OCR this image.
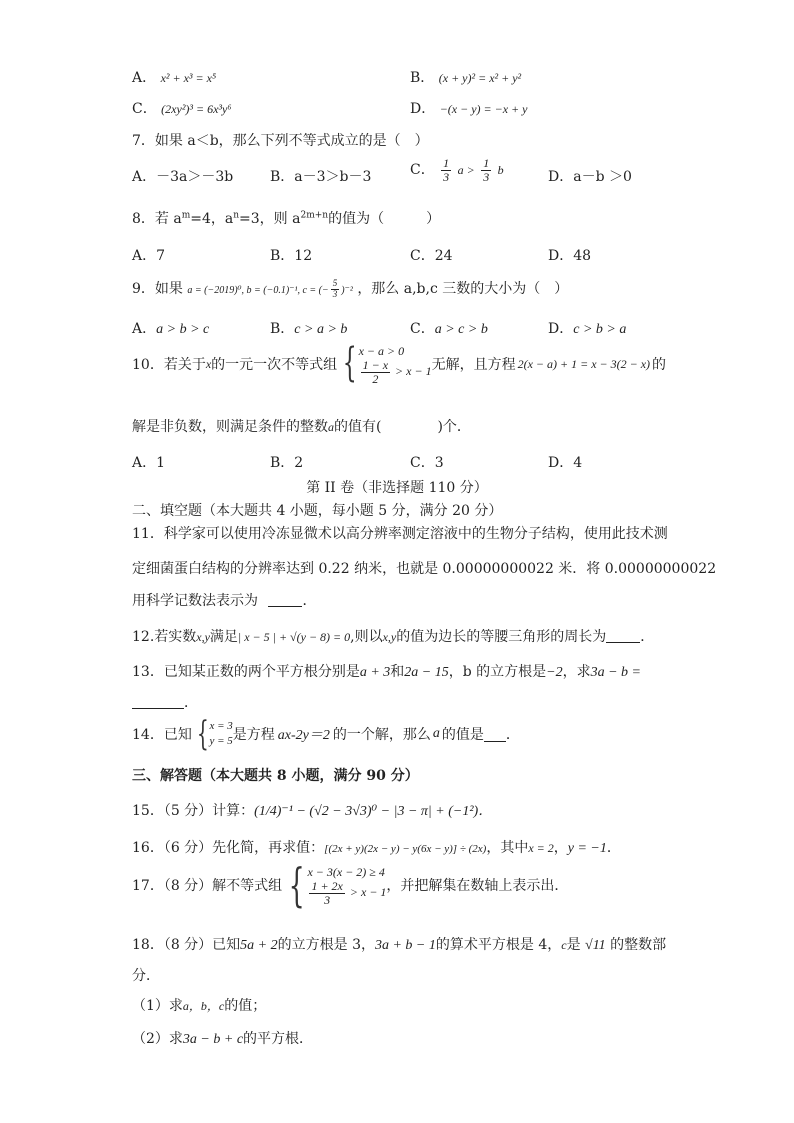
A． x² + x³ = x⁵	B． (x + y)² = x² + y²
C． (2xy²)³ = 6x³y⁶	D． −(x − y) = −x + y
7．如果 a＜b，那么下列不等式成立的是（　）
A．－3a＞－3b	B．a－3＞b－3	C． $\frac{1}{3}$ $a > \frac{1}{3}$ b	D．a－b ＞0
8．若 $a^m=4$，$a^n=3$，则 $a^{2m+n}$的值为（　　　）
A．7	B．12	C．24	D．48
9．如果 a = (−2019)⁰, b = (−0.1)⁻¹, c = (− $\frac{5}{3} )^{-2}$ ，那么 a,b,c 三数的大小为（　）
A．a > b > c	B．c > a > b	C．a > c > b	D．c > b > a
10．若关于 x 的一元一次不等式组 { x − a > 0
$\frac{1 - x}{2} > x - 1$ 无解，且方程 2(x − a) + 1 = x − 3(2 − x) 的
解是非负数，则满足条件的整数a的值有(　　　　)个．
A．1	B．2	C．3	D．4
第 II 卷（非选择题 110 分）
二、填空题（本大题共 4 小题，每小题 5 分，满分 20 分）
11．科学家可以使用冷冻显微术以高分辨率测定溶液中的生物分子结构，使用此技术测
定细菌蛋白结构的分辨率达到 0.22 纳米，也就是 0.00000000022 米．将 0.00000000022
用科学记数法表示为	．
12.若实数x,y满足| x − 5 | + √(y − 8) = 0,则以x,y的值为边长的等腰三角形的周长为 ．
13．已知某正数的两个平方根分别是a + 3和2a − 15，b 的立方根是−2，求3a − b =
．
14．已知 { x = 3
y = 5 是方程 ax-2y＝2 的一个解，那么 a 的值是 ．
三、解答题（本大题共 8 小题，满分 90 分）
15．（5 分）计算：(1/4)⁻¹ − (√2 − 3√3)⁰ − |3 − π| + (−1²)．
16．（6 分）先化简，再求值：[(2x + y)(2x − y) − y(6x − y)] ÷ (2x)，其中x = 2，y = −1．
17．（8 分）解不等式组 { x − 3(x − 2) ≥ 4
$\frac{1 + 2x}{3} > x - 1$ ，并把解集在数轴上表示出．
18．（8 分）已知5a + 2的立方根是 3，3a + b − 1的算术平方根是 4，c是 √11 的整数部
分．
（1）求a，b，c的值；
（2）求3a − b + c的平方根．
